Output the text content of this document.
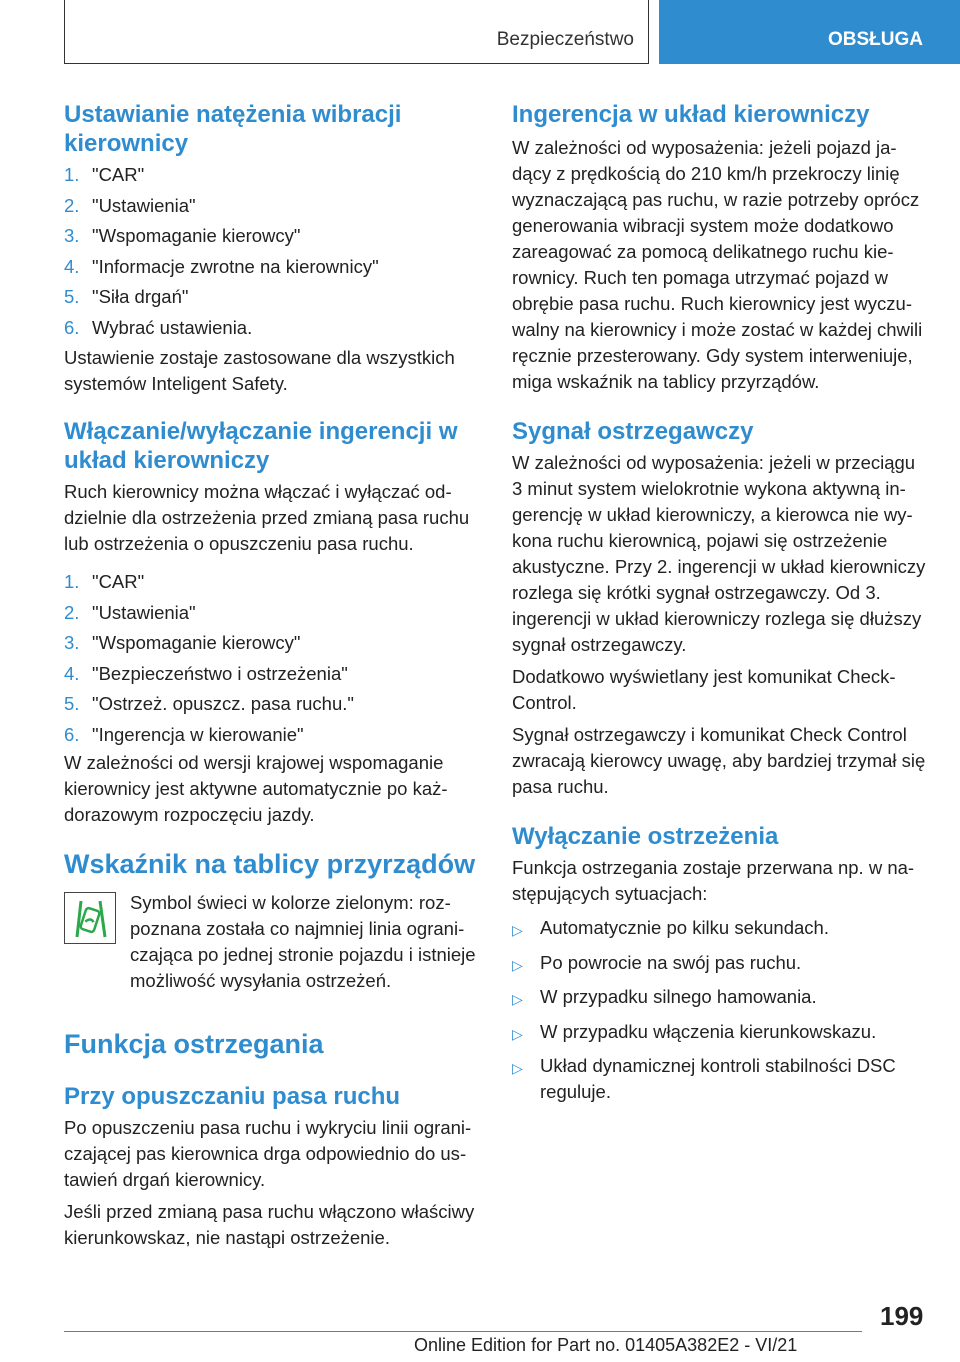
Bezpieczeństwo	OBSŁUGA
Ustawianie natężenia wibracji kierownicy
1. "CAR"
2. "Ustawienia"
3. "Wspomaganie kierowcy"
4. "Informacje zwrotne na kierownicy"
5. "Siła drgań"
6. Wybrać ustawienia.

Ustawienie zostaje zastosowane dla wszystkich systemów Inteligent Safety.

Włączanie/wyłączanie ingerencji w układ kierowniczy

Ruch kierownicy można włączać i wyłączać oddzielnie dla ostrzeżenia przed zmianą pasa ruchu lub ostrzeżenia o opuszczeniu pasa ruchu.

1. "CAR"
2. "Ustawienia"
3. "Wspomaganie kierowcy"
4. "Bezpieczeństwo i ostrzeżenia"
5. "Ostrzeż. opuszcz. pasa ruchu."
6. "Ingerencja w kierowanie"

W zależności od wersji krajowej wspomaganie kierownicy jest aktywne automatycznie po każdorazowym rozpoczęciu jazdy.

Wskaźnik na tablicy przyrządów

Symbol świeci w kolorze zielonym: rozpoznana została co najmniej linia ograniczająca po jednej stronie pojazdu i istnieje możliwość wysyłania ostrzeżeń.

Funkcja ostrzegania
Przy opuszczaniu pasa ruchu

Po opuszczeniu pasa ruchu i wykryciu linii ograniczającej pas kierownica drga odpowiednio do ustawień drgań kierownicy.

Jeśli przed zmianą pasa ruchu włączono właściwy kierunkowskaz, nie nastąpi ostrzeżenie.

Ingerencja w układ kierowniczy

W zależności od wyposażenia: jeżeli pojazd jadący z prędkością do 210 km/h przekroczy linię wyznaczającą pas ruchu, w razie potrzeby oprócz generowania wibracji system może dodatkowo zareagować za pomocą delikatnego ruchu kierownicy. Ruch ten pomaga utrzymać pojazd w obrębie pasa ruchu. Ruch kierownicy jest wyczuwalny na kierownicy i może zostać w każdej chwili ręcznie przesterowany. Gdy system interweniuje, miga wskaźnik na tablicy przyrządów.

Sygnał ostrzegawczy

W zależności od wyposażenia: jeżeli w przeciągu 3 minut system wielokrotnie wykona aktywną ingerencję w układ kierowniczy, a kierowca nie wykona ruchu kierownicą, pojawi się ostrzeżenie akustyczne. Przy 2. ingerencji w układ kierowniczy rozlega się krótki sygnał ostrzegawczy. Od 3. ingerencji w układ kierowniczy rozlega się dłuższy sygnał ostrzegawczy.

Dodatkowo wyświetlany jest komunikat Check-Control.

Sygnał ostrzegawczy i komunikat Check Control zwracają kierowcy uwagę, aby bardziej trzymał się pasa ruchu.

Wyłączanie ostrzeżenia

Funkcja ostrzegania zostaje przerwana np. w następujących sytuacjach:

▷ Automatycznie po kilku sekundach.
▷ Po powrocie na swój pas ruchu.
▷ W przypadku silnego hamowania.
▷ W przypadku włączenia kierunkowskazu.
▷ Układ dynamicznej kontroli stabilności DSC reguluje.
199
Online Edition for Part no. 01405A382E2 - VI/21
